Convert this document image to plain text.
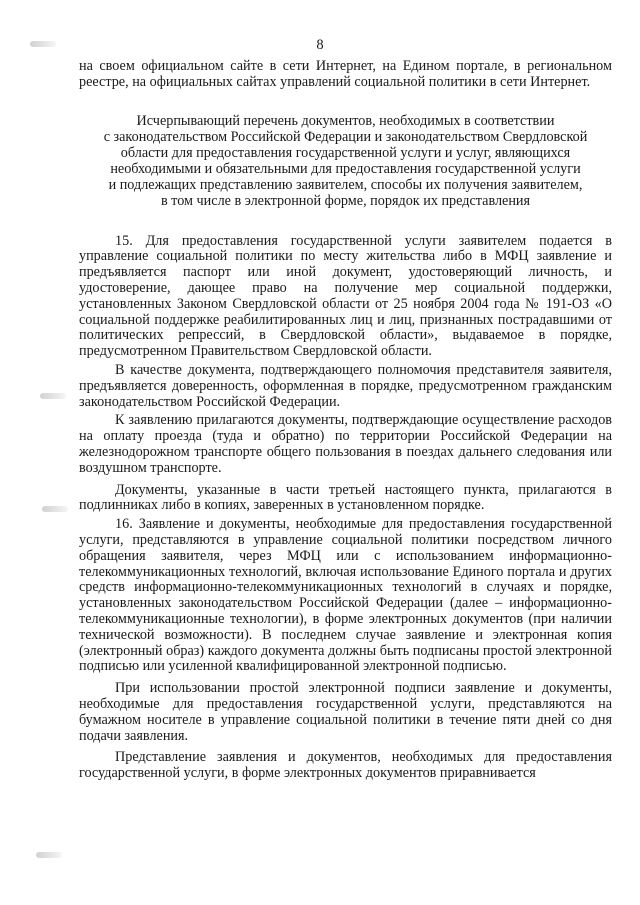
8

на своем официальном сайте в сети Интернет, на Едином портале, в региональном реестре, на официальных сайтах управлений социальной политики в сети Интернет.

Исчерпывающий перечень документов, необходимых в соответствии
с законодательством Российской Федерации и законодательством Свердловской
области для предоставления государственной услуги и услуг, являющихся
необходимыми и обязательными для предоставления государственной услуги
и подлежащих представлению заявителем, способы их получения заявителем,
в том числе в электронной форме, порядок их представления

15. Для предоставления государственной услуги заявителем подается в управление социальной политики по месту жительства либо в МФЦ заявление и предъявляется паспорт или иной документ, удостоверяющий личность, и удостоверение, дающее право на получение мер социальной поддержки, установленных Законом Свердловской области от 25 ноября 2004 года № 191-ОЗ «О социальной поддержке реабилитированных лиц и лиц, признанных пострадавшими от политических репрессий, в Свердловской области», выдаваемое в порядке, предусмотренном Правительством Свердловской области.

В качестве документа, подтверждающего полномочия представителя заявителя, предъявляется доверенность, оформленная в порядке, предусмотренном гражданским законодательством Российской Федерации.

К заявлению прилагаются документы, подтверждающие осуществление расходов на оплату проезда (туда и обратно) по территории Российской Федерации на железнодорожном транспорте общего пользования в поездах дальнего следования или воздушном транспорте.

Документы, указанные в части третьей настоящего пункта, прилагаются в подлинниках либо в копиях, заверенных в установленном порядке.

16. Заявление и документы, необходимые для предоставления государственной услуги, представляются в управление социальной политики посредством личного обращения заявителя, через МФЦ или с использованием информационно-телекоммуникационных технологий, включая использование Единого портала и других средств информационно-телекоммуникационных технологий в случаях и порядке, установленных законодательством Российской Федерации (далее – информационно-телекоммуникационные технологии), в форме электронных документов (при наличии технической возможности). В последнем случае заявление и электронная копия (электронный образ) каждого документа должны быть подписаны простой электронной подписью или усиленной квалифицированной электронной подписью.

При использовании простой электронной подписи заявление и документы, необходимые для предоставления государственной услуги, представляются на бумажном носителе в управление социальной политики в течение пяти дней со дня подачи заявления.

Представление заявления и документов, необходимых для предоставления государственной услуги, в форме электронных документов приравнивается
